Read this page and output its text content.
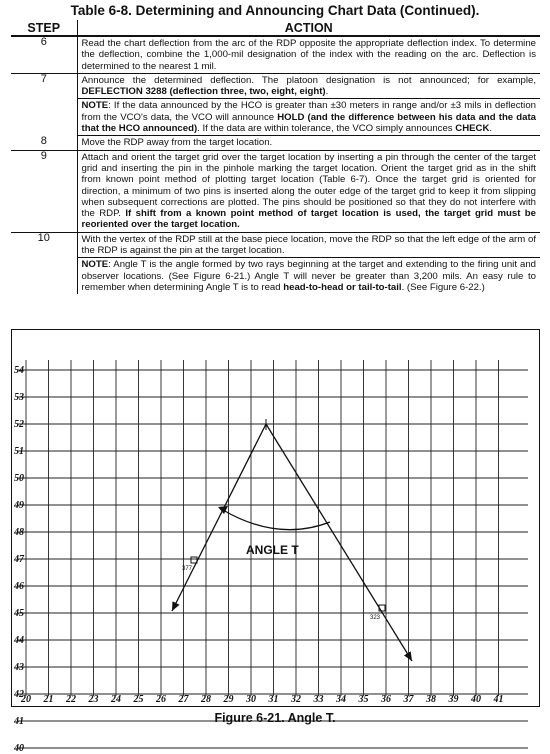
Table 6-8. Determining and Announcing Chart Data (Continued).
STEP	ACTION
6	Read the chart deflection from the arc of the RDP opposite the appropriate deflection index. To determine the deflection, combine the 1,000-mil designation of the index with the reading on the arc. Deflection is determined to the nearest 1 mil.
7	Announce the determined deflection. The platoon designation is not announced; for example, DEFLECTION 3288 (deflection three, two, eight, eight).
	NOTE: If the data announced by the HCO is greater than ±30 meters in range and/or ±3 mils in deflection from the VCO's data, the VCO will announce HOLD (and the difference between his data and the data that the HCO announced). If the data are within tolerance, the VCO simply announces CHECK.
8	Move the RDP away from the target location.
9	Attach and orient the target grid over the target location by inserting a pin through the center of the target grid and inserting the pin in the pinhole marking the target location. Orient the target grid as in the shift from known point method of plotting target location (Table 6-7). Once the target grid is oriented for direction, a minimum of two pins is inserted along the outer edge of the target grid to keep it from slipping when subsequent corrections are plotted. The pins should be positioned so that they do not interfere with the RDP. If shift from a known point method of target location is used, the target grid must be reoriented over the target location.
10	With the vertex of the RDP still at the base piece location, move the RDP so that the left edge of the arm of the RDP is against the pin at the target location.
	NOTE: Angle T is the angle formed by two rays beginning at the target and extending to the firing unit and observer locations. (See Figure 6-21.) Angle T will never be greater than 3,200 mils. An easy rule to remember when determining Angle T is to read head-to-head or tail-to-tail. (See Figure 6-22.)
54
53
52
51
50
49
48
47
46
45
44
43
42
41
40
20 21 22 23 24 25 26 27 28 29 30 31 32 33 34 35 36 37 38 39 40 41
377
323
ANGLE T
Figure 6-21. Angle T.
